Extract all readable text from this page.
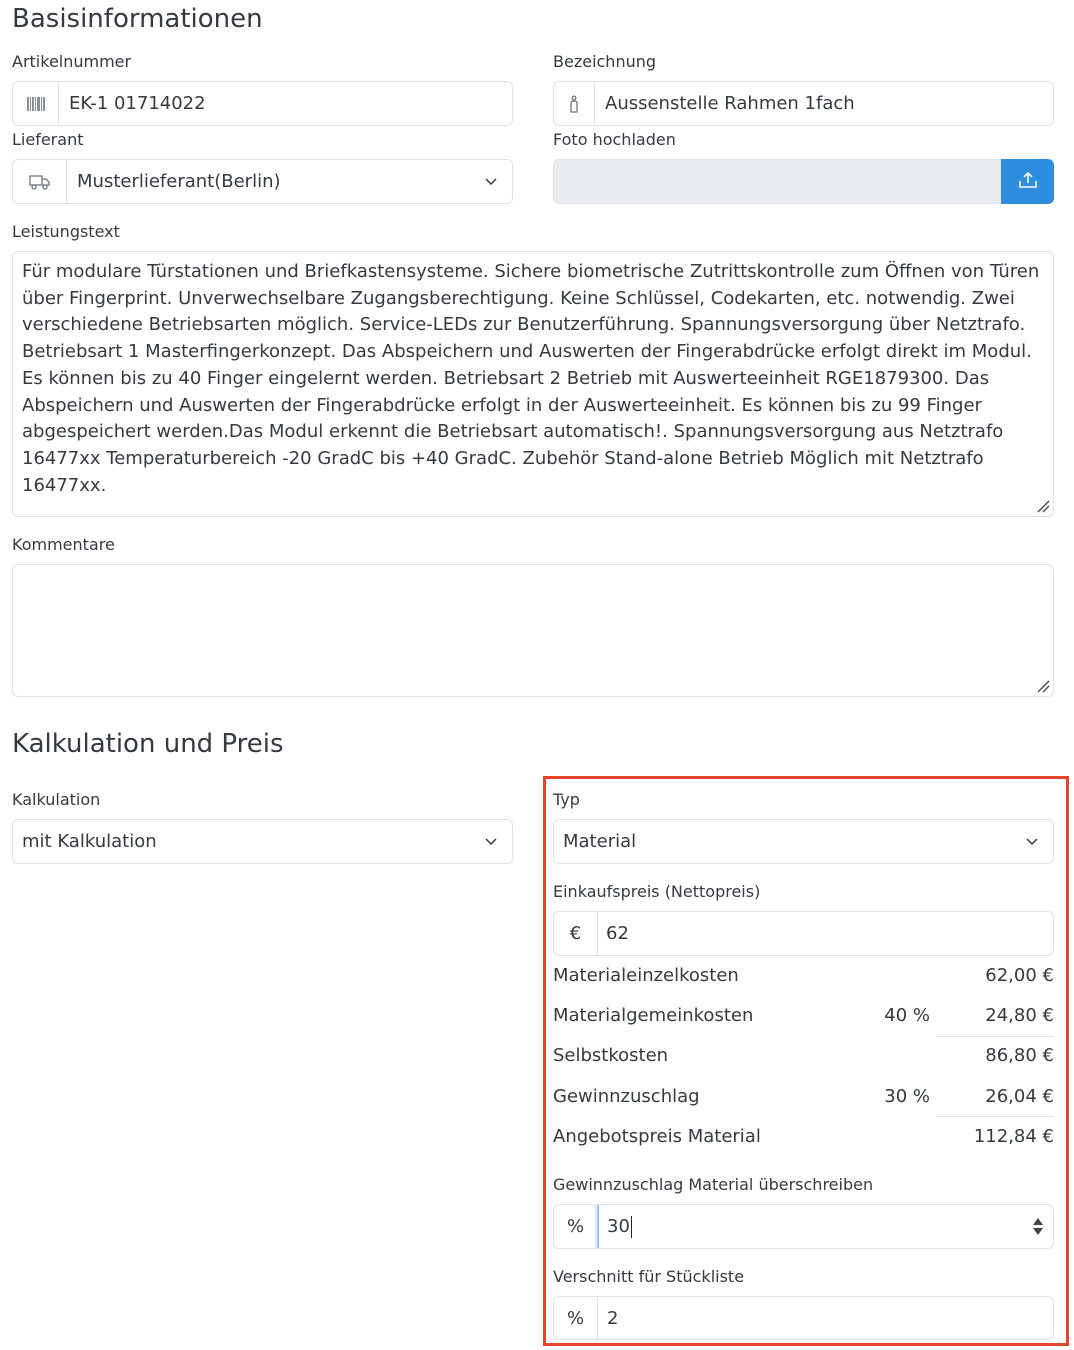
Basisinformationen
Artikelnummer
EK-1 01714022
Bezeichnung
Aussenstelle Rahmen 1fach
Lieferant
Musterlieferant(Berlin)
Foto hochladen
Leistungstext
Für modulare Türstationen und Briefkastensysteme. Sichere biometrische Zutrittskontrolle zum Öffnen von Türen über Fingerprint. Unverwechselbare Zugangsberechtigung. Keine Schlüssel, Codekarten, etc. notwendig. Zwei verschiedene Betriebsarten möglich. Service-LEDs zur Benutzerführung. Spannungsversorgung über Netztrafo. Betriebsart 1 Masterfingerkonzept. Das Abspeichern und Auswerten der Fingerabdrücke erfolgt direkt im Modul. Es können bis zu 40 Finger eingelernt werden. Betriebsart 2 Betrieb mit Auswerteeinheit RGE1879300. Das Abspeichern und Auswerten der Fingerabdrücke erfolgt in der Auswerteeinheit. Es können bis zu 99 Finger abgespeichert werden.Das Modul erkennt die Betriebsart automatisch!. Spannungsversorgung aus Netztrafo 16477xx Temperaturbereich -20 GradC bis +40 GradC. Zubehör Stand-alone Betrieb Möglich mit Netztrafo 16477xx.
Kommentare
Kalkulation und Preis
Kalkulation
mit Kalkulation
Typ
Material
Einkaufspreis (Nettopreis)
€	62
Materialeinzelkosten	62,00 €
Materialgemeinkosten	40 %	24,80 €
Selbstkosten	86,80 €
Gewinnzuschlag	30 %	26,04 €
Angebotspreis Material	112,84 €
Gewinnzuschlag Material überschreiben
%	30
Verschnitt für Stückliste
%	2
